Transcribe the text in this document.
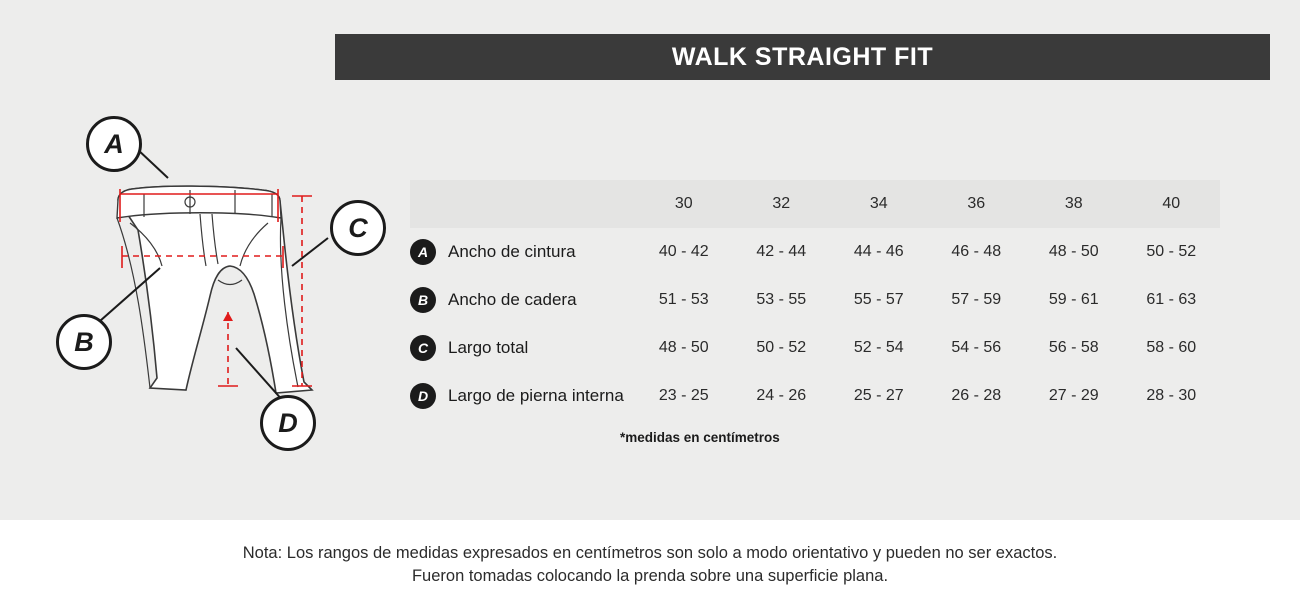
WALK STRAIGHT FIT
A
B
C
D
	30	32	34	36	38	40

A Ancho de cintura	40 - 42	42 - 44	44 - 46	46 - 48	48 - 50	50 - 52

B Ancho de cadera	51 - 53	53 - 55	55 - 57	57 - 59	59 - 61	61 - 63

C Largo total	48 - 50	50 - 52	52 - 54	54 - 56	56 - 58	58 - 60

D Largo de pierna interna	23 - 25	24 - 26	25 - 27	26 - 28	27 - 29	28 - 30
*medidas en centímetros
Nota: Los rangos de medidas expresados en centímetros son solo a modo orientativo y pueden no ser exactos.
Fueron tomadas colocando la prenda sobre una superficie plana.
